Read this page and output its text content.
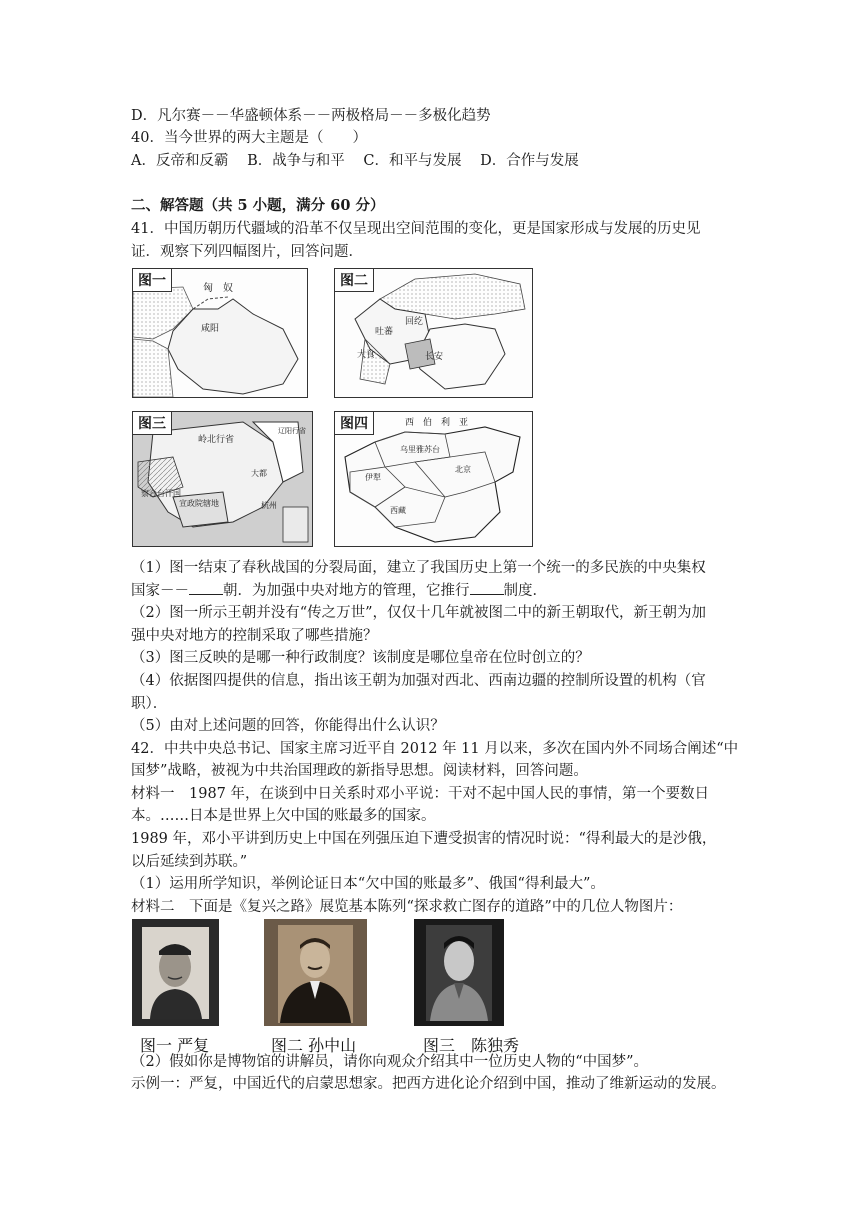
D．凡尔赛－－华盛顿体系－－两极格局－－多极化趋势
40．当今世界的两大主题是（　　）
A．反帝和反霸 B．战争与和平 C．和平与发展 D．合作与发展
二、解答题（共 5 小题，满分 60 分）
41．中国历朝历代疆域的沿革不仅呈现出空间范围的变化，更是国家形成与发展的历史见
证．观察下列四幅图片，回答问题．
图一	匈　奴
咸阳
图二
吐蕃
回纥
大食	长安
图三
岭北行省
察合台汗国
宣政院辖地
辽阳行省
大都
杭州
图四	西　伯　利　亚
乌里雅苏台
伊犁
西藏
北京
（1）图一结束了春秋战国的分裂局面，建立了我国历史上第一个统一的多民族的中央集权
国家－－ 朝．为加强中央对地方的管理，它推行 制度．
（2）图一所示王朝并没有“传之万世”，仅仅十几年就被图二中的新王朝取代，新王朝为加
强中央对地方的控制采取了哪些措施？
（3）图三反映的是哪一种行政制度？该制度是哪位皇帝在位时创立的？
（4）依据图四提供的信息，指出该王朝为加强对西北、西南边疆的控制所设置的机构（官
职）．
（5）由对上述问题的回答，你能得出什么认识？
42．中共中央总书记、国家主席习近平自 2012 年 11 月以来，多次在国内外不同场合阐述“中
国梦”战略，被视为中共治国理政的新指导思想。阅读材料，回答问题。
材料一　1987 年，在谈到中日关系时邓小平说：干对不起中国人民的事情，第一个要数日
本。……日本是世界上欠中国的账最多的国家。
1989 年，邓小平讲到历史上中国在列强压迫下遭受损害的情况时说：“得利最大的是沙俄，
以后延续到苏联。”
（1）运用所学知识，举例论证日本“欠中国的账最多”、俄国“得利最大”。
材料二　下面是《复兴之路》展览基本陈列“探求救亡图存的道路”中的几位人物图片：
图一 严复	图二 孙中山	图三　陈独秀
（2）假如你是博物馆的讲解员，请你向观众介绍其中一位历史人物的“中国梦”。
示例一：严复，中国近代的启蒙思想家。把西方进化论介绍到中国，推动了维新运动的发展。
